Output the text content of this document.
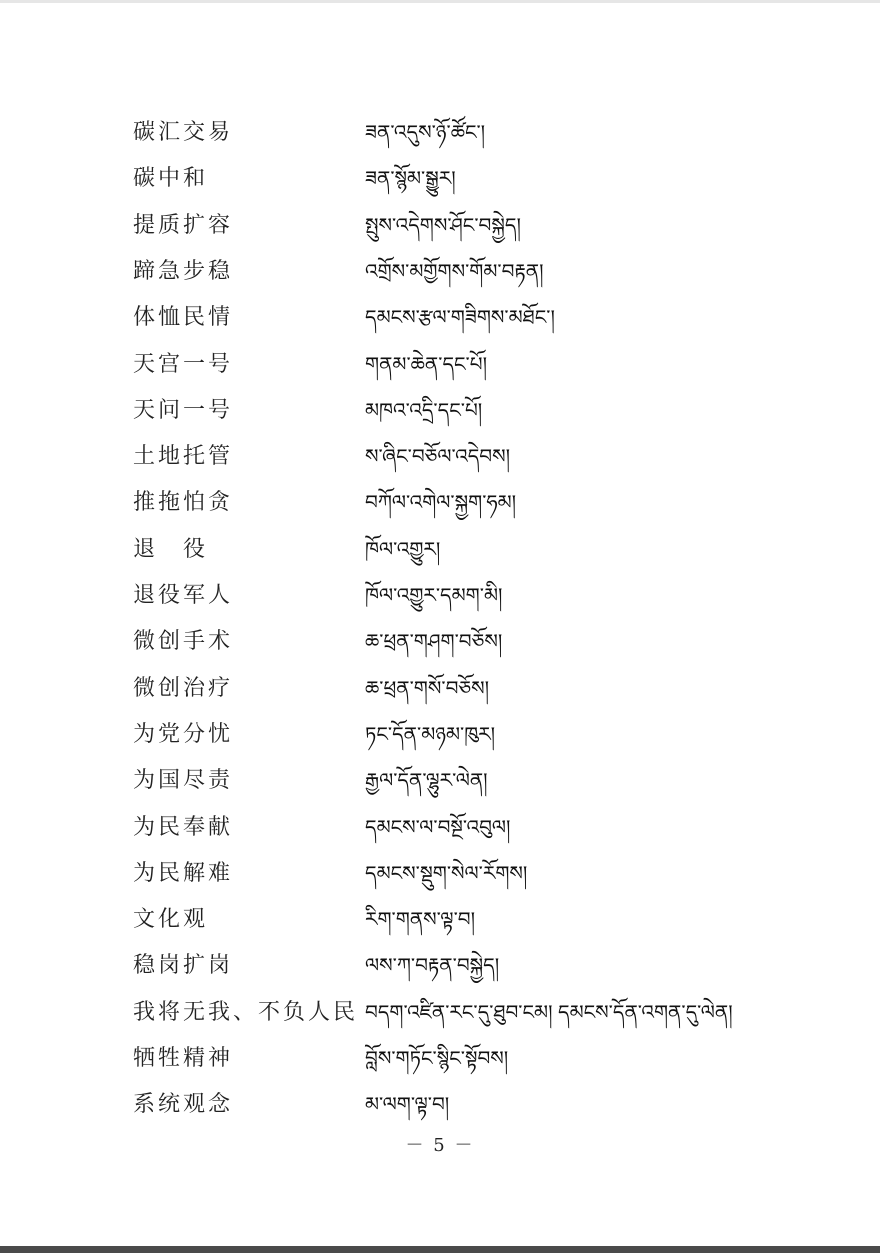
碳汇交易	ཟན་འདུས་ཉོ་ཚོང་།
碳中和	ཟན་སྙོམ་སྒྱུར།
提质扩容	སྤུས་འདེགས་ཤོང་བསྐྱེད།
蹄急步稳	འགྲོས་མགྱོགས་གོམ་བརྟན།
体恤民情	དམངས་རྩལ་གཟིགས་མཐོང་།
天宫一号	གནམ་ཆེན་དང་པོ།
天问一号	མཁའ་འདྲི་དང་པོ།
土地托管	ས་ཞིང་བཅོལ་འདེབས།
推拖怕贪	བཀོལ་འགེལ་སྐྱག་ཧམ།
退　役	ཁོལ་འགྱུར།
退役军人	ཁོལ་འགྱུར་དམག་མི།
微创手术	ཆ་ཕྲན་གཤག་བཅོས།
微创治疗	ཆ་ཕྲན་གསོ་བཅོས།
为党分忧	ཏང་དོན་མཉམ་ཁུར།
为国尽责	རྒྱལ་དོན་ལྷུར་ལེན།
为民奉献	དམངས་ལ་བསྔོ་འབུལ།
为民解难	དམངས་སྡུག་སེལ་རོགས།
文化观	རིག་གནས་ལྟ་བ།
稳岗扩岗	ལས་ཀ་བརྟན་བསྐྱེད།
我将无我、不负人民 བདག་འཛིན་རང་དུ་ཐུབ་ངམ། དམངས་དོན་འགན་དུ་ལེན།
牺牲精神	བློས་གཏོང་སྙིང་སྟོབས།
系统观念	མ་ལག་ལྟ་བ།
－ 5 －
